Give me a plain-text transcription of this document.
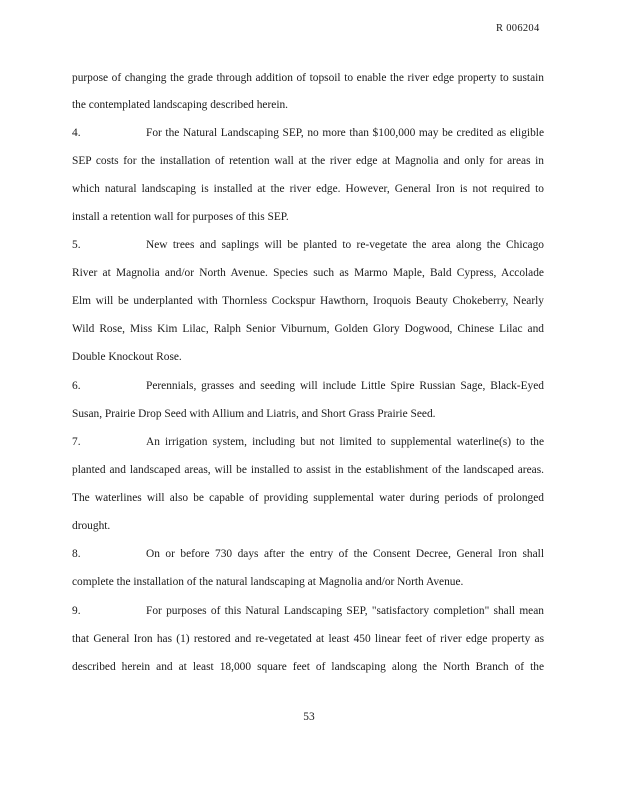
R 006204
purpose of changing the grade through addition of topsoil to enable the river edge property to sustain
the contemplated landscaping described herein.
4.	For the Natural Landscaping SEP, no more than $100,000 may be credited as eligible
SEP costs for the installation of retention wall at the river edge at Magnolia and only for areas in
which natural landscaping is installed at the river edge. However, General Iron is not required to
install a retention wall for purposes of this SEP.
5.	New trees and saplings will be planted to re-vegetate the area along the Chicago
River at Magnolia and/or North Avenue. Species such as Marmo Maple, Bald Cypress, Accolade
Elm will be underplanted with Thornless Cockspur Hawthorn, Iroquois Beauty Chokeberry, Nearly
Wild Rose, Miss Kim Lilac, Ralph Senior Viburnum, Golden Glory Dogwood, Chinese Lilac and
Double Knockout Rose.
6.	Perennials, grasses and seeding will include Little Spire Russian Sage, Black-Eyed
Susan, Prairie Drop Seed with Allium and Liatris, and Short Grass Prairie Seed.
7.	An irrigation system, including but not limited to supplemental waterline(s) to the
planted and landscaped areas, will be installed to assist in the establishment of the landscaped areas.
The waterlines will also be capable of providing supplemental water during periods of prolonged
drought.
8.	On or before 730 days after the entry of the Consent Decree, General Iron shall
complete the installation of the natural landscaping at Magnolia and/or North Avenue.
9.	For purposes of this Natural Landscaping SEP, "satisfactory completion" shall mean
that General Iron has (1) restored and re-vegetated at least 450 linear feet of river edge property as
described herein and at least 18,000 square feet of landscaping along the North Branch of the
53
